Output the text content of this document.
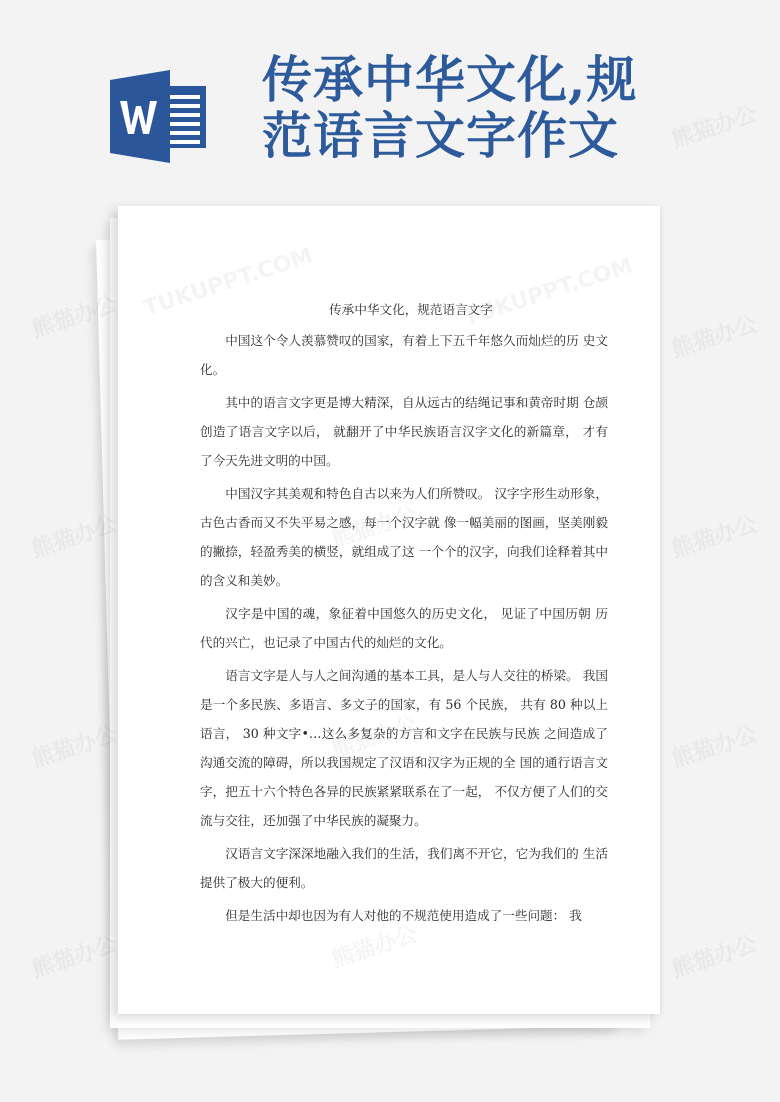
传承中华文化,规
范语言文字作文
传承中华文化，规范语言文字

中国这个令人羡慕赞叹的国家，有着上下五千年悠久而灿烂的历 史文化。

其中的语言文字更是博大精深，自从远古的结绳记事和黄帝时期 仓颉创造了语言文字以后， 就翻开了中华民族语言汉字文化的新篇章， 才有了今天先进文明的中国。

中国汉字其美观和特色自古以来为人们所赞叹。 汉字字形生动形象，古色古香而又不失平易之感，每一个汉字就 像一幅美丽的图画，坚美刚毅的撇捺，轻盈秀美的横竖，就组成了这 一个个的汉字，向我们诠释着其中的含义和美妙。

汉字是中国的魂，象征着中国悠久的历史文化， 见证了中国历朝 历代的兴亡，也记录了中国古代的灿烂的文化。

语言文字是人与人之间沟通的基本工具，是人与人交往的桥梁。 我国是一个多民族、多语言、多文子的国家，有 56 个民族， 共有 80 种以上语言， 30 种文字•…这么多复杂的方言和文字在民族与民族 之间造成了沟通交流的障碍，所以我国规定了汉语和汉字为正规的全 国的通行语言文字，把五十六个特色各异的民族紧紧联系在了一起， 不仅方便了人们的交流与交往，还加强了中华民族的凝聚力。

汉语言文字深深地融入我们的生活，我们离不开它，它为我们的 生活提供了极大的便利。

但是生活中却也因为有人对他的不规范使用造成了一些问题： 我
